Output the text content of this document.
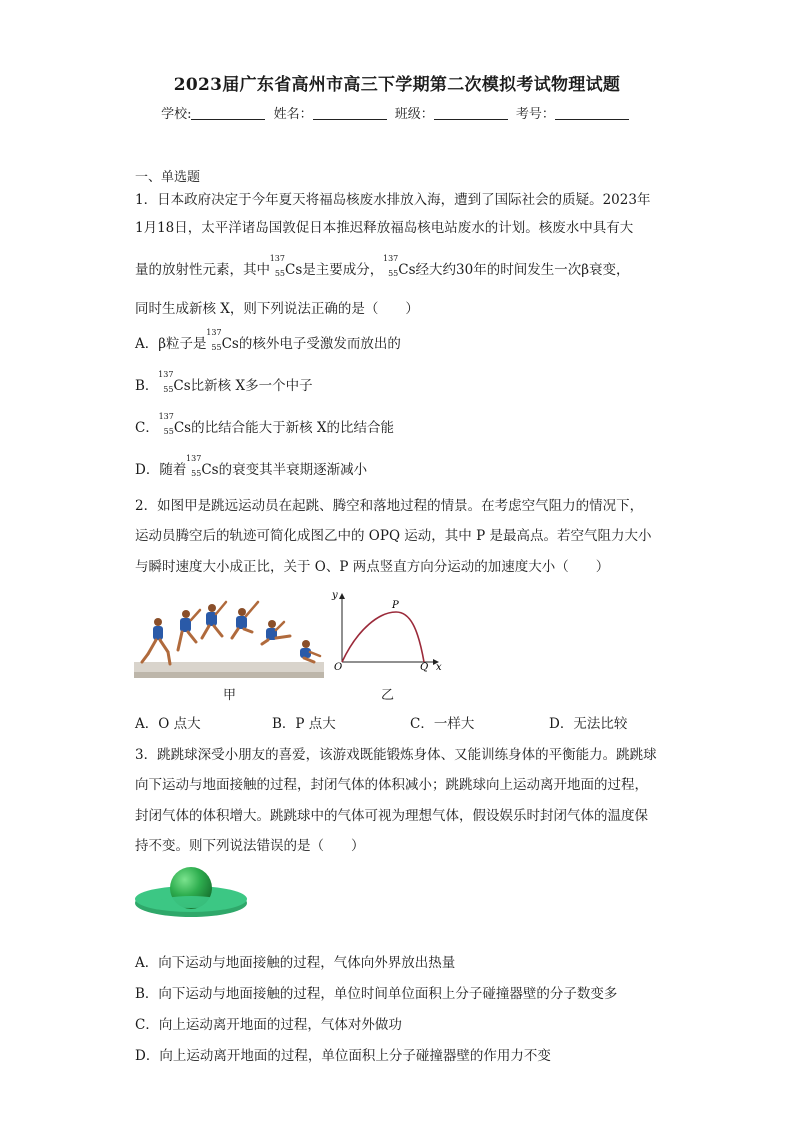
2023届广东省高州市高三下学期第二次模拟考试物理试题
学校:	姓名：	班级：	考号：
一、单选题
1．日本政府决定于今年夏天将福岛核废水排放入海，遭到了国际社会的质疑。2023年
1月18日，太平洋诸岛国敦促日本推迟释放福岛核电站废水的计划。核废水中具有大
量的放射性元素，其中
137
55 Cs是主要成分，
137
55 Cs经大约30年的时间发生一次β衰变，
同时生成新核 X，则下列说法正确的是（　　）
A．β粒子是
137
55 Cs的核外电子受激发而放出的
B．
137
55 Cs比新核 X多一个中子
C．
137
55 Cs的比结合能大于新核 X的比结合能
D．随着
137
55 Cs的衰变其半衰期逐渐减小
2．如图甲是跳远运动员在起跳、腾空和落地过程的情景。在考虑空气阻力的情况下，
运动员腾空后的轨迹可简化成图乙中的 OPQ 运动，其中 P 是最高点。若空气阻力大小
与瞬时速度大小成正比，关于 O、P 两点竖直方向分运动的加速度大小（　　）
甲
y
x
O
P
Q
乙
A．O 点大	B．P 点大	C．一样大	D．无法比较
3．跳跳球深受小朋友的喜爱，该游戏既能锻炼身体、又能训练身体的平衡能力。跳跳球
向下运动与地面接触的过程，封闭气体的体积减小；跳跳球向上运动离开地面的过程，
封闭气体的体积增大。跳跳球中的气体可视为理想气体，假设娱乐时封闭气体的温度保
持不变。则下列说法错误的是（　　）
A．向下运动与地面接触的过程，气体向外界放出热量
B．向下运动与地面接触的过程，单位时间单位面积上分子碰撞器壁的分子数变多
C．向上运动离开地面的过程，气体对外做功
D．向上运动离开地面的过程，单位面积上分子碰撞器壁的作用力不变
